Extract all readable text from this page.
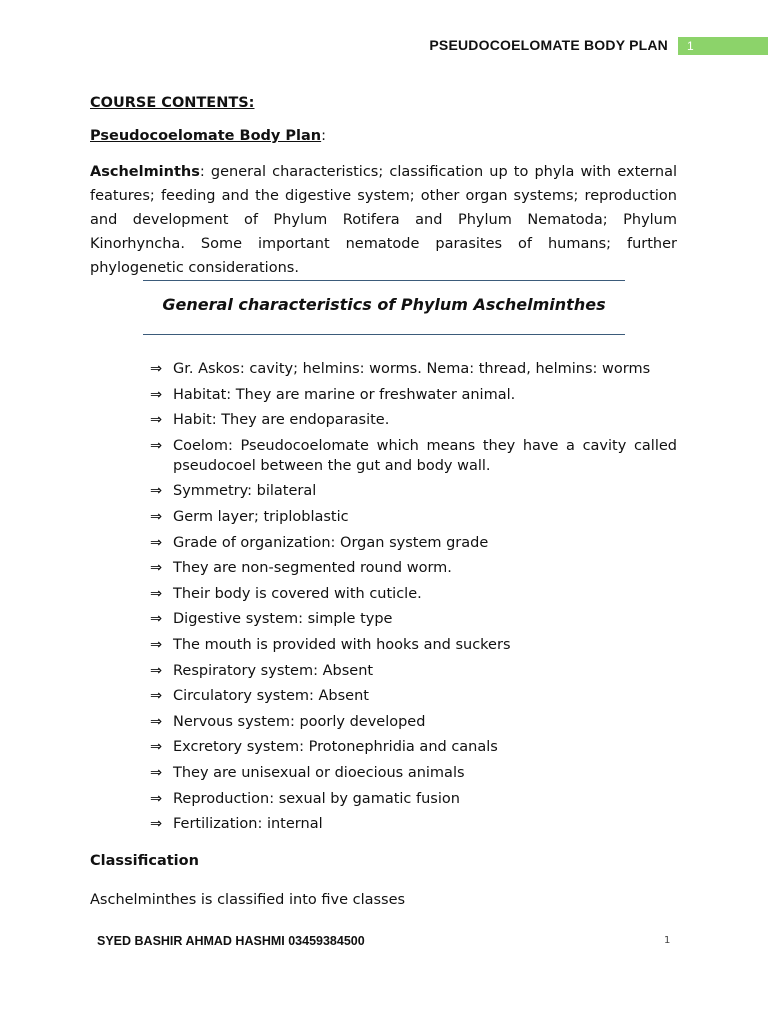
PSEUDOCOELOMATE BODY PLAN	1
COURSE CONTENTS:
Pseudocoelomate Body Plan:
Aschelminths: general characteristics; classification up to phyla with external features; feeding and the digestive system; other organ systems; reproduction and development of Phylum Rotifera and Phylum Nematoda; Phylum Kinorhyncha. Some important nematode parasites of humans; further phylogenetic considerations.
General characteristics of Phylum Aschelminthes
⇒ Gr. Askos: cavity; helmins: worms. Nema: thread, helmins: worms
⇒ Habitat: They are marine or freshwater animal.
⇒ Habit: They are endoparasite.
⇒ Coelom: Pseudocoelomate which means they have a cavity called pseudocoel between the gut and body wall.
⇒ Symmetry: bilateral
⇒ Germ layer; triploblastic
⇒ Grade of organization: Organ system grade
⇒ They are non-segmented round worm.
⇒ Their body is covered with cuticle.
⇒ Digestive system: simple type
⇒ The mouth is provided with hooks and suckers
⇒ Respiratory system: Absent
⇒ Circulatory system: Absent
⇒ Nervous system: poorly developed
⇒ Excretory system: Protonephridia and canals
⇒ They are unisexual or dioecious animals
⇒ Reproduction: sexual by gamatic fusion
⇒ Fertilization: internal
Classification
Aschelminthes is classified into five classes
SYED BASHIR AHMAD HASHMI 03459384500	1
